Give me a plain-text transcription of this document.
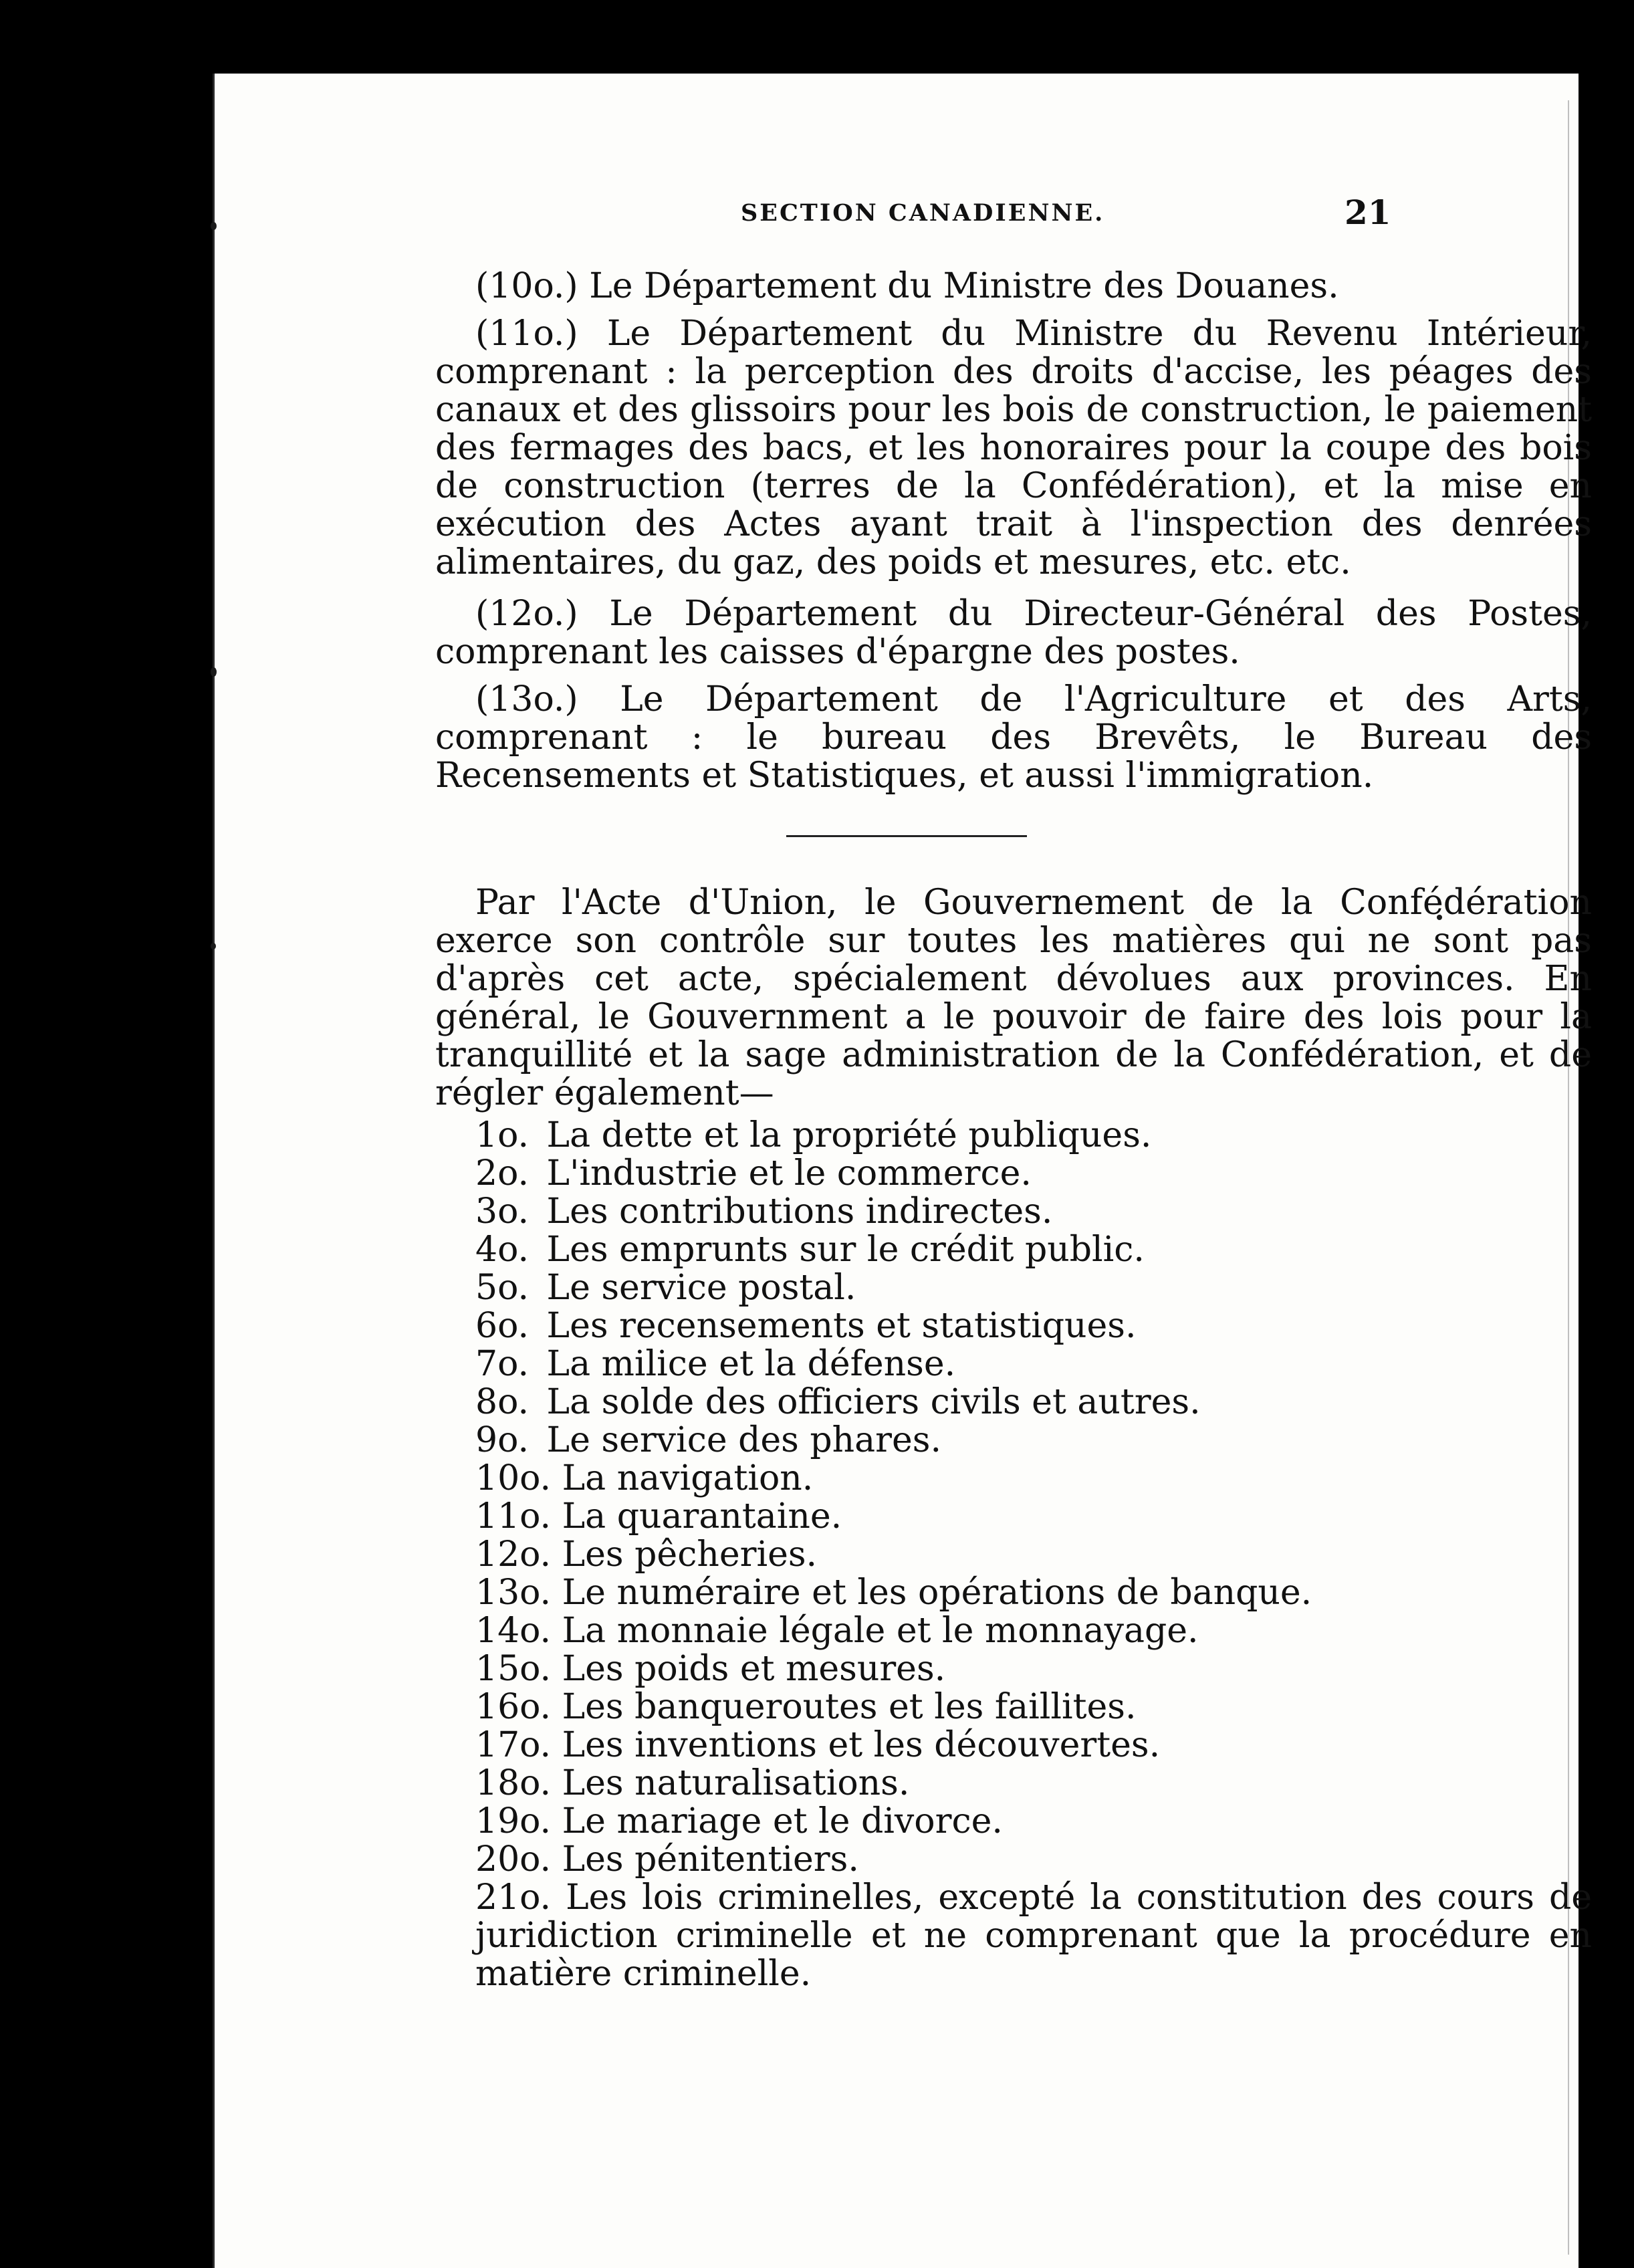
SECTION CANADIENNE.	21

(10o.) Le Département du Ministre des Douanes.

(11o.) Le Département du Ministre du Revenu Intérieur, comprenant : la perception des droits d'accise, les péages des canaux et des glissoirs pour les bois de construction, le paiement des fermages des bacs, et les honoraires pour la coupe des bois de construction (terres de la Confédération), et la mise en exécution des Actes ayant trait à l'inspection des denrées alimentaires, du gaz, des poids et mesures, etc. etc.

(12o.) Le Département du Directeur-Général des Postes, comprenant les caisses d'épargne des postes.

(13o.) Le Département de l'Agriculture et des Arts, comprenant : le bureau des Brevêts, le Bureau des Recensements et Statistiques, et aussi l'immigration.

Par l'Acte d'Union, le Gouvernement de la Confédération exerce son contrôle sur toutes les matières qui ne sont pas d'après cet acte, spécialement dévolues aux provinces. En général, le Gouvernment a le pouvoir de faire des lois pour la tranquillité et la sage administration de la Confédération, et de régler également—

1o. La dette et la propriété publiques.

2o. L'industrie et le commerce.

3o. Les contributions indirectes.

4o. Les emprunts sur le crédit public.

5o. Le service postal.

6o. Les recensements et statistiques.

7o. La milice et la défense.

8o. La solde des officiers civils et autres.

9o. Le service des phares.

10o. La navigation.

11o. La quarantaine.

12o. Les pêcheries.

13o. Le numéraire et les opérations de banque.

14o. La monnaie légale et le monnayage.

15o. Les poids et mesures.

16o. Les banqueroutes et les faillites.

17o. Les inventions et les découvertes.

18o. Les naturalisations.

19o. Le mariage et le divorce.

20o. Les pénitentiers.

21o. Les lois criminelles, excepté la constitution des cours de juridiction criminelle et ne comprenant que la procédure en matière criminelle.
